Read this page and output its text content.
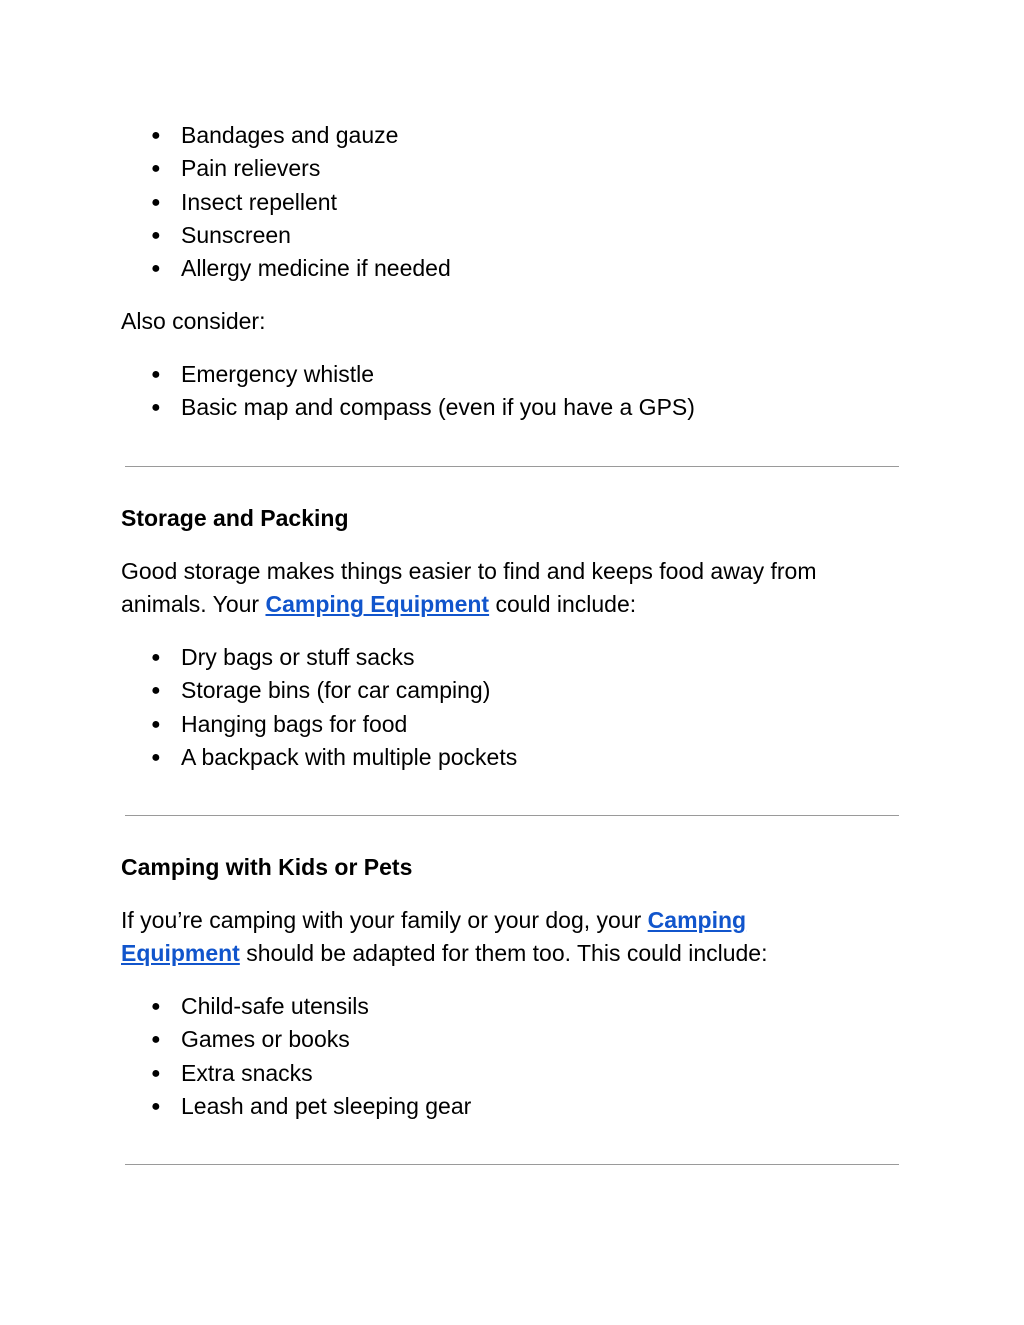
● Bandages and gauze
● Pain relievers
● Insect repellent
● Sunscreen
● Allergy medicine if needed

Also consider:

● Emergency whistle
● Basic map and compass (even if you have a GPS)
Storage and Packing

Good storage makes things easier to find and keeps food away from
animals. Your Camping Equipment could include:

● Dry bags or stuff sacks
● Storage bins (for car camping)
● Hanging bags for food
● A backpack with multiple pockets
Camping with Kids or Pets

If you’re camping with your family or your dog, your Camping
Equipment should be adapted for them too. This could include:

● Child-safe utensils
● Games or books
● Extra snacks
● Leash and pet sleeping gear
